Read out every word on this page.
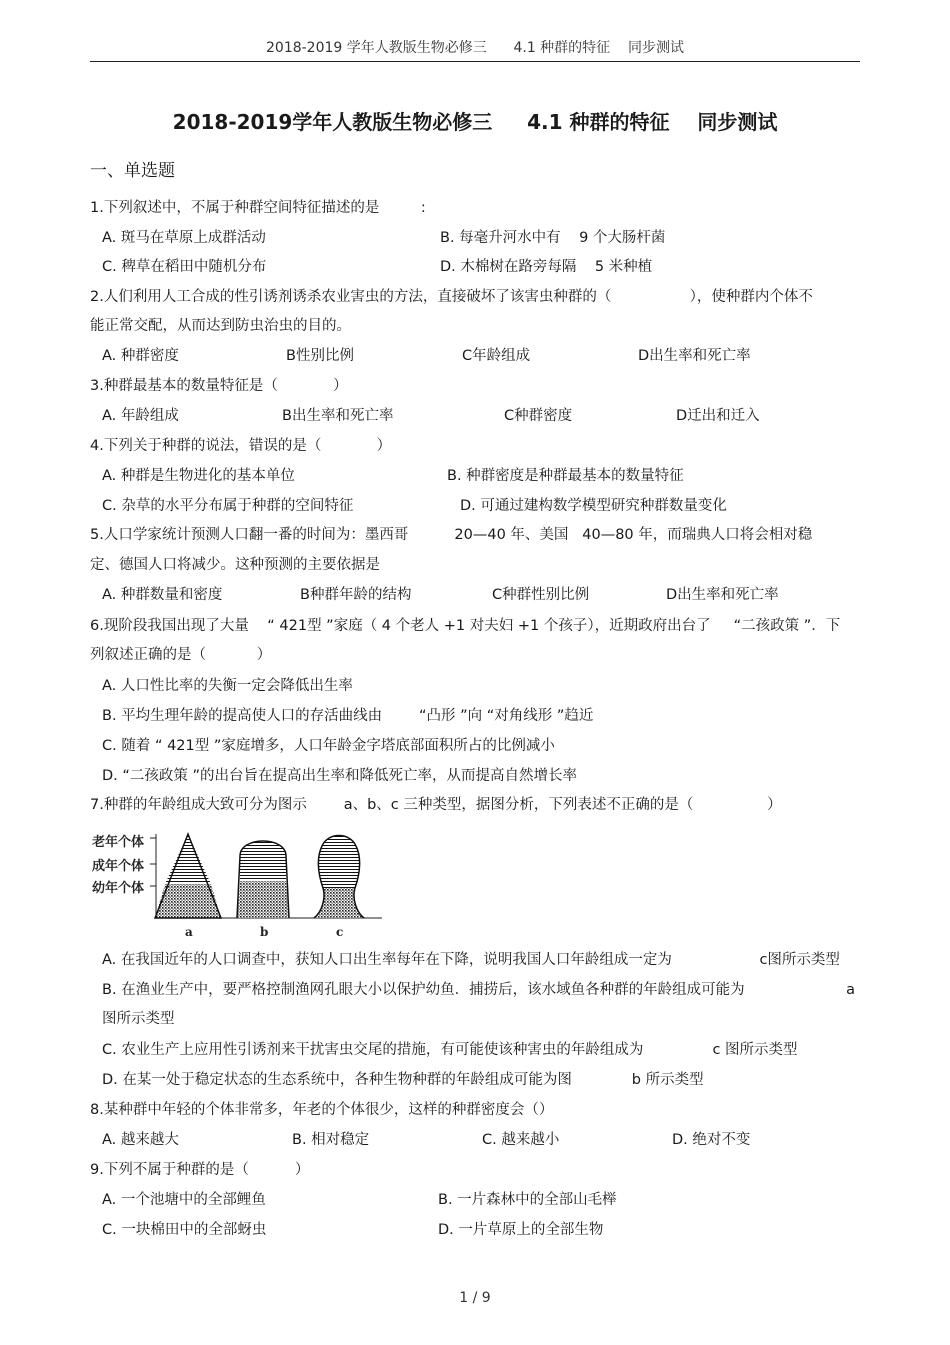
2018-2019 学年人教版生物必修三      4.1 种群的特征    同步测试
2018-2019学年人教版生物必修三     4.1 种群的特征    同步测试
一、单选题
1.下列叙述中，不属于种群空间特征描述的是         :
A. 斑马在草原上成群活动	B. 每毫升河水中有    9 个大肠杆菌
C. 稗草在稻田中随机分布	D. 木棉树在路旁每隔    5 米种植
2.人们利用人工合成的性引诱剂诱杀农业害虫的方法，直接破坏了该害虫种群的（                 ），使种群内个体不
能正常交配，从而达到防虫治虫的目的。
A. 种群密度	B性别比例	C年龄组成	D出生率和死亡率
3.种群最基本的数量特征是（            ）
A. 年龄组成	B出生率和死亡率	C种群密度	D迁出和迁入
4.下列关于种群的说法，错误的是（            ）
A. 种群是生物进化的基本单位	B. 种群密度是种群最基本的数量特征
C. 杂草的水平分布属于种群的空间特征	D. 可通过建构数学模型研究种群数量变化
5.人口学家统计预测人口翻一番的时间为：墨西哥          20—40 年、美国   40—80 年，而瑞典人口将会相对稳
定、德国人口将减少。这种预测的主要依据是
A. 种群数量和密度	B种群年龄的结构	C种群性别比例	D出生率和死亡率
6.现阶段我国出现了大量    “ 421型 ”家庭（ 4 个老人 +1 对夫妇 +1 个孩子），近期政府出台了     “二孩政策 ”．下
列叙述正确的是（           ）
A. 人口性比率的失衡一定会降低出生率
B. 平均生理年龄的提高使人口的存活曲线由        “凸形 ”向 “对角线形 ”趋近
C. 随着 “ 421型 ”家庭增多，人口年龄金字塔底部面积所占的比例减小
D. “二孩政策 ”的出台旨在提高出生率和降低死亡率，从而提高自然增长率
7.种群的年龄组成大致可分为图示        a、b、c 三种类型，据图分析，下列表述不正确的是（                ）
老年个体
成年个体
幼年个体
a	b	c
A. 在我国近年的人口调查中，获知人口出生率每年在下降，说明我国人口年龄组成一定为                   c图所示类型
B. 在渔业生产中，要严格控制渔网孔眼大小以保护幼鱼．捕捞后，该水域鱼各种群的年龄组成可能为                      a
图所示类型
C. 农业生产上应用性引诱剂来干扰害虫交尾的措施，有可能使该种害虫的年龄组成为               c 图所示类型
D. 在某一处于稳定状态的生态系统中，各种生物种群的年龄组成可能为图             b 所示类型
8.某种群中年轻的个体非常多，年老的个体很少，这样的种群密度会（）
A. 越来越大	B. 相对稳定	C. 越来越小	D. 绝对不变
9.下列不属于种群的是（          ）
A. 一个池塘中的全部鲤鱼	B. 一片森林中的全部山毛榉
C. 一块棉田中的全部蚜虫	D. 一片草原上的全部生物
1 / 9
